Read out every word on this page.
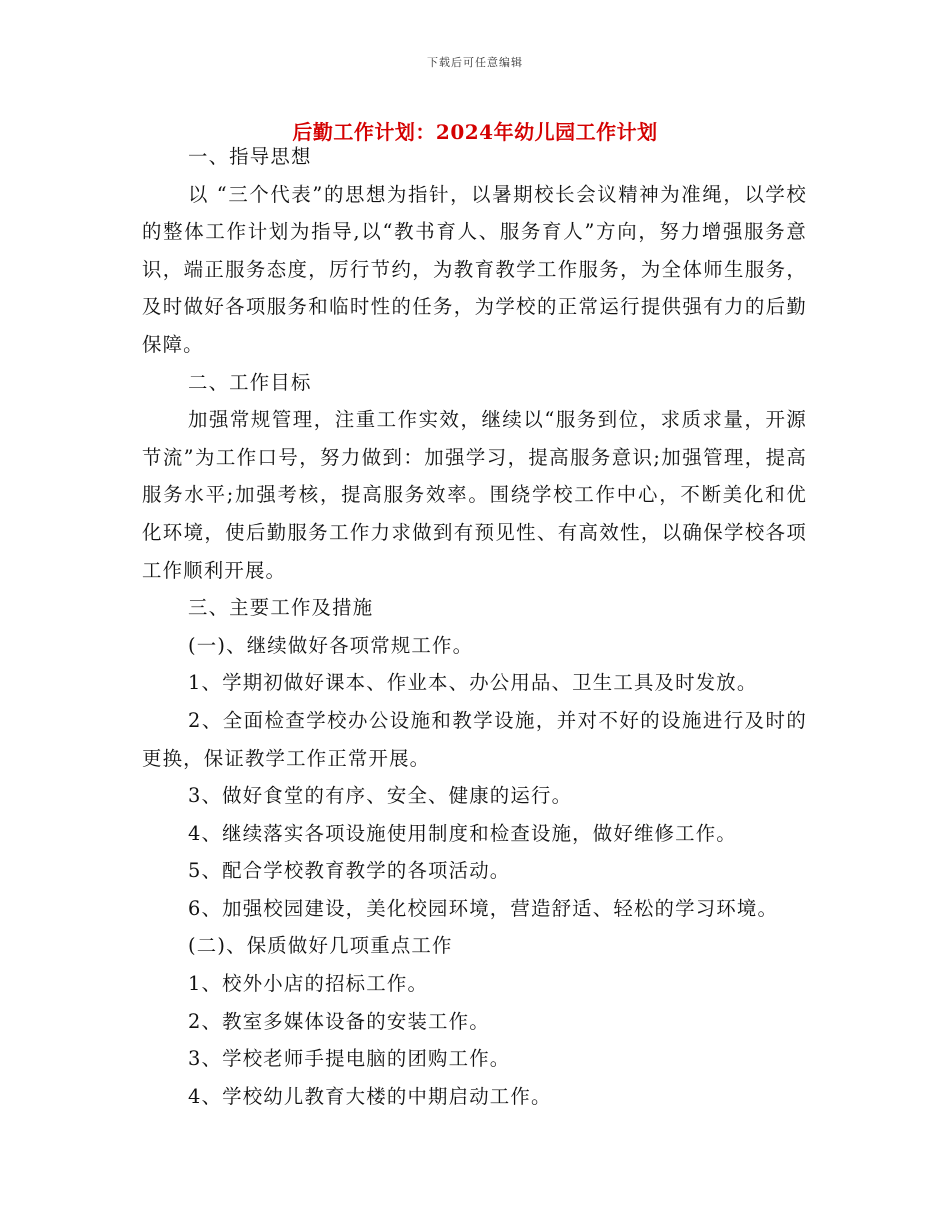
下载后可任意编辑
后勤工作计划：2024年幼儿园工作计划

一、指导思想

以 “三个代表”的思想为指针，以暑期校长会议精神为准绳，以学校的整体工作计划为指导,以“教书育人、服务育人”方向，努力增强服务意识，端正服务态度，厉行节约，为教育教学工作服务，为全体师生服务，及时做好各项服务和临时性的任务，为学校的正常运行提供强有力的后勤保障。

二、工作目标

加强常规管理，注重工作实效，继续以“服务到位，求质求量，开源节流”为工作口号，努力做到：加强学习，提高服务意识;加强管理，提高服务水平;加强考核，提高服务效率。围绕学校工作中心，不断美化和优化环境，使后勤服务工作力求做到有预见性、有高效性，以确保学校各项工作顺利开展。

三、主要工作及措施

(一)、继续做好各项常规工作。

1、学期初做好课本、作业本、办公用品、卫生工具及时发放。

2、全面检查学校办公设施和教学设施，并对不好的设施进行及时的更换，保证教学工作正常开展。

3、做好食堂的有序、安全、健康的运行。

4、继续落实各项设施使用制度和检查设施，做好维修工作。

5、配合学校教育教学的各项活动。

6、加强校园建设，美化校园环境，营造舒适、轻松的学习环境。

(二)、保质做好几项重点工作

1、校外小店的招标工作。

2、教室多媒体设备的安装工作。

3、学校老师手提电脑的团购工作。

4、学校幼儿教育大楼的中期启动工作。
